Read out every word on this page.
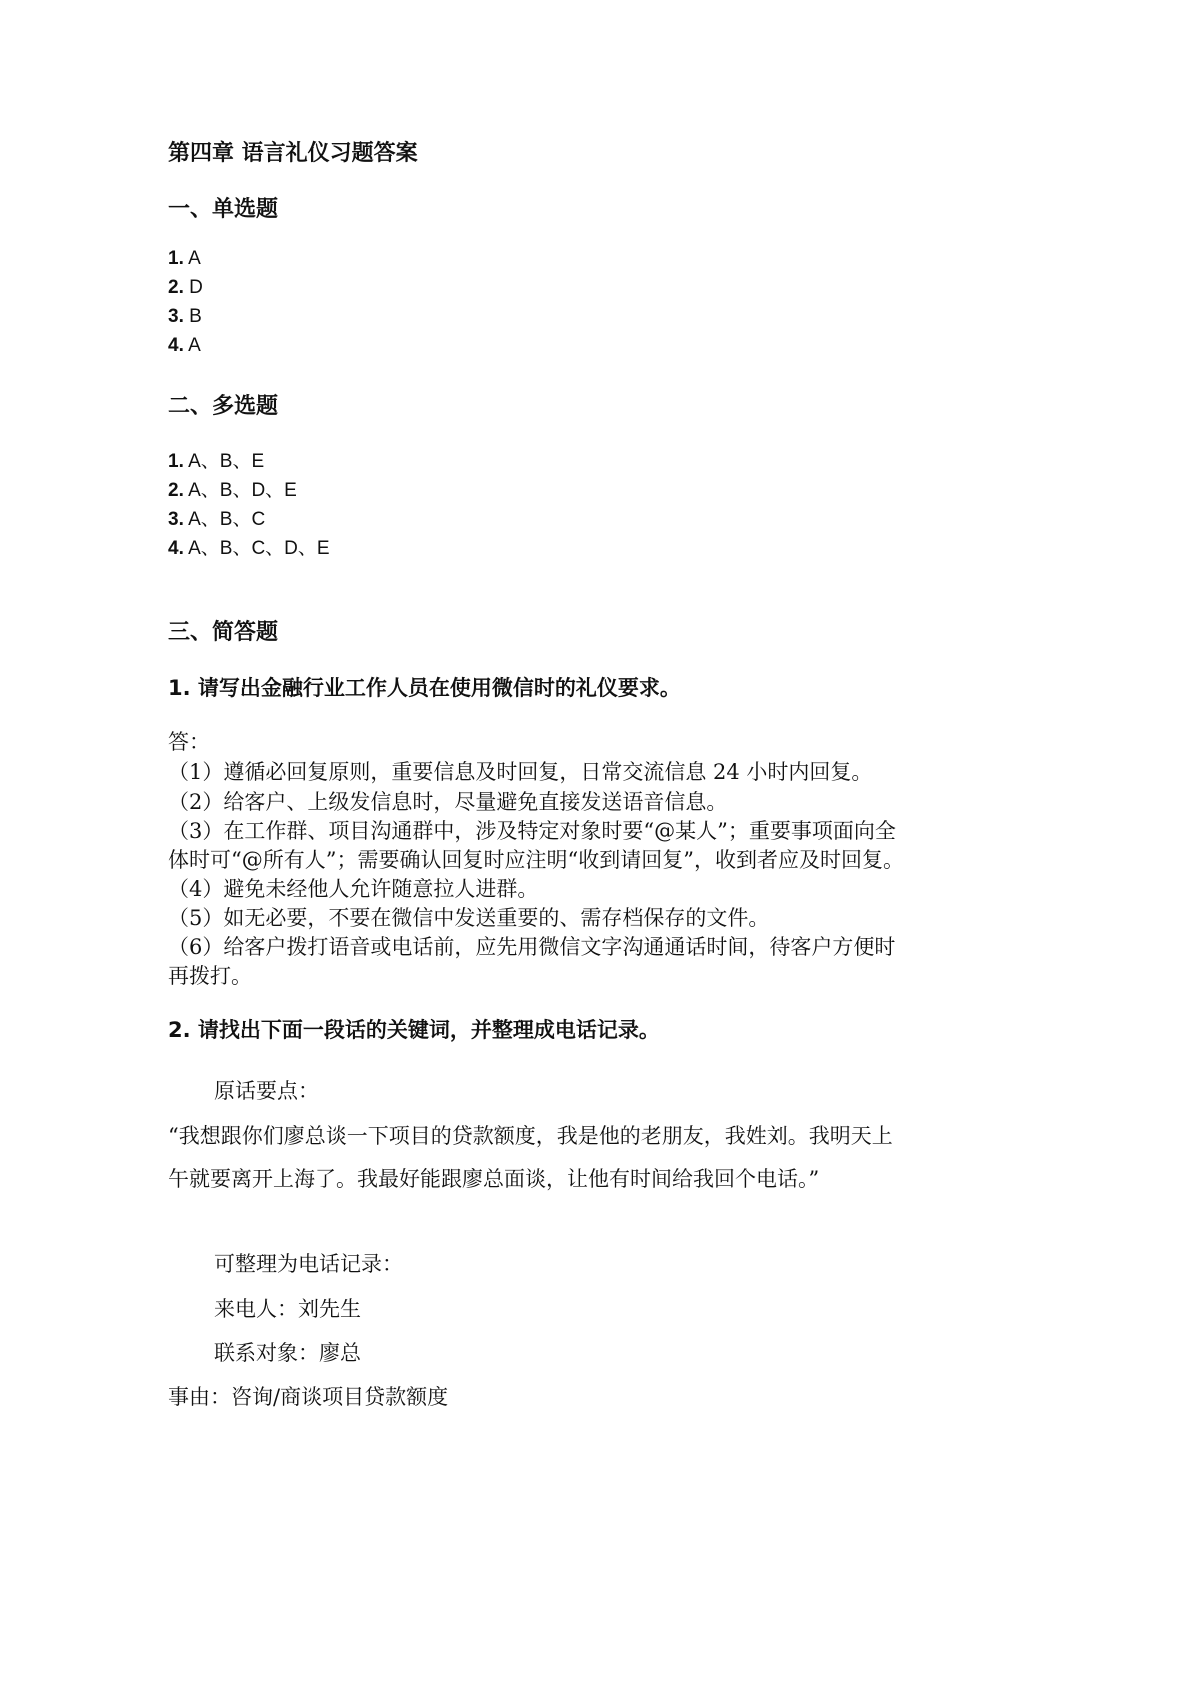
第四章 语言礼仪习题答案
一、单选题
1. A
2. D
3. B
4. A
二、多选题
1. A、B、E
2. A、B、D、E
3. A、B、C
4. A、B、C、D、E
三、简答题
1. 请写出金融行业工作人员在使用微信时的礼仪要求。
答：
（1）遵循必回复原则，重要信息及时回复，日常交流信息 24 小时内回复。
（2）给客户、上级发信息时，尽量避免直接发送语音信息。
（3）在工作群、项目沟通群中，涉及特定对象时要“@某人”；重要事项面向全
体时可“@所有人”；需要确认回复时应注明“收到请回复”，收到者应及时回复。
（4）避免未经他人允许随意拉人进群。
（5）如无必要，不要在微信中发送重要的、需存档保存的文件。
（6）给客户拨打语音或电话前，应先用微信文字沟通通话时间，待客户方便时
再拨打。
2. 请找出下面一段话的关键词，并整理成电话记录。
原话要点：
“我想跟你们廖总谈一下项目的贷款额度，我是他的老朋友，我姓刘。我明天上
午就要离开上海了。我最好能跟廖总面谈，让他有时间给我回个电话。”
可整理为电话记录：
来电人：刘先生
联系对象：廖总
事由：咨询/商谈项目贷款额度
